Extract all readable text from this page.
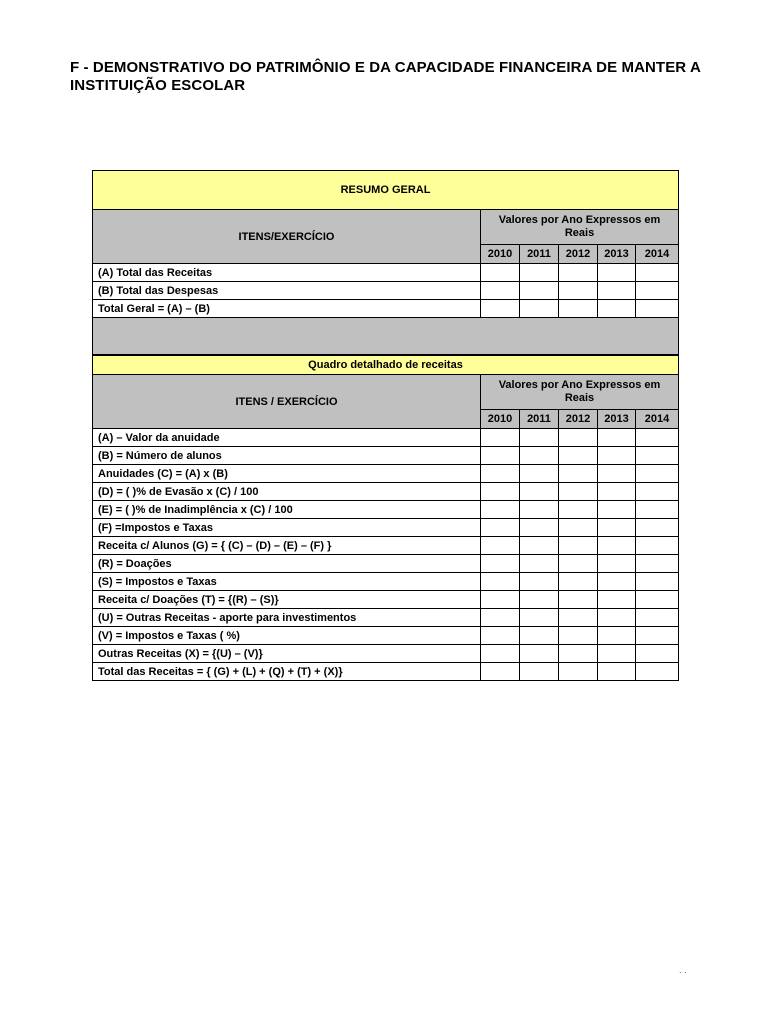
F - DEMONSTRATIVO DO PATRIMÔNIO E DA CAPACIDADE FINANCEIRA DE MANTER A INSTITUIÇÃO ESCOLAR
RESUMO GERAL					
ITENS/EXERCÍCIO	Valores por Ano Expressos em Reais				
	2010	2011	2012	2013	2014
(A) Total das Receitas					
(B) Total das Despesas					
Total Geral = (A) – (B)					

Quadro detalhado de receitas					
ITENS / EXERCÍCIO	Valores por Ano Expressos em Reais				
	2010	2011	2012	2013	2014
(A) – Valor da anuidade					
(B) = Número de alunos					
Anuidades (C) = (A) x (B)					
(D) = ( )% de Evasão x (C) / 100					
(E) = ( )% de Inadimplência x (C) / 100					
(F) =Impostos e Taxas					
Receita c/ Alunos (G) = { (C) – (D) – (E) – (F) }					
(R) = Doações					
(S) = Impostos e Taxas					
Receita c/ Doações (T) = {(R) – (S)}					
(U) = Outras Receitas - aporte para investimentos					
(V) = Impostos e Taxas ( %)					
Outras Receitas (X) = {(U) – (V)}					
Total das Receitas = { (G) + (L) + (Q) + (T) + (X)}					
. .
